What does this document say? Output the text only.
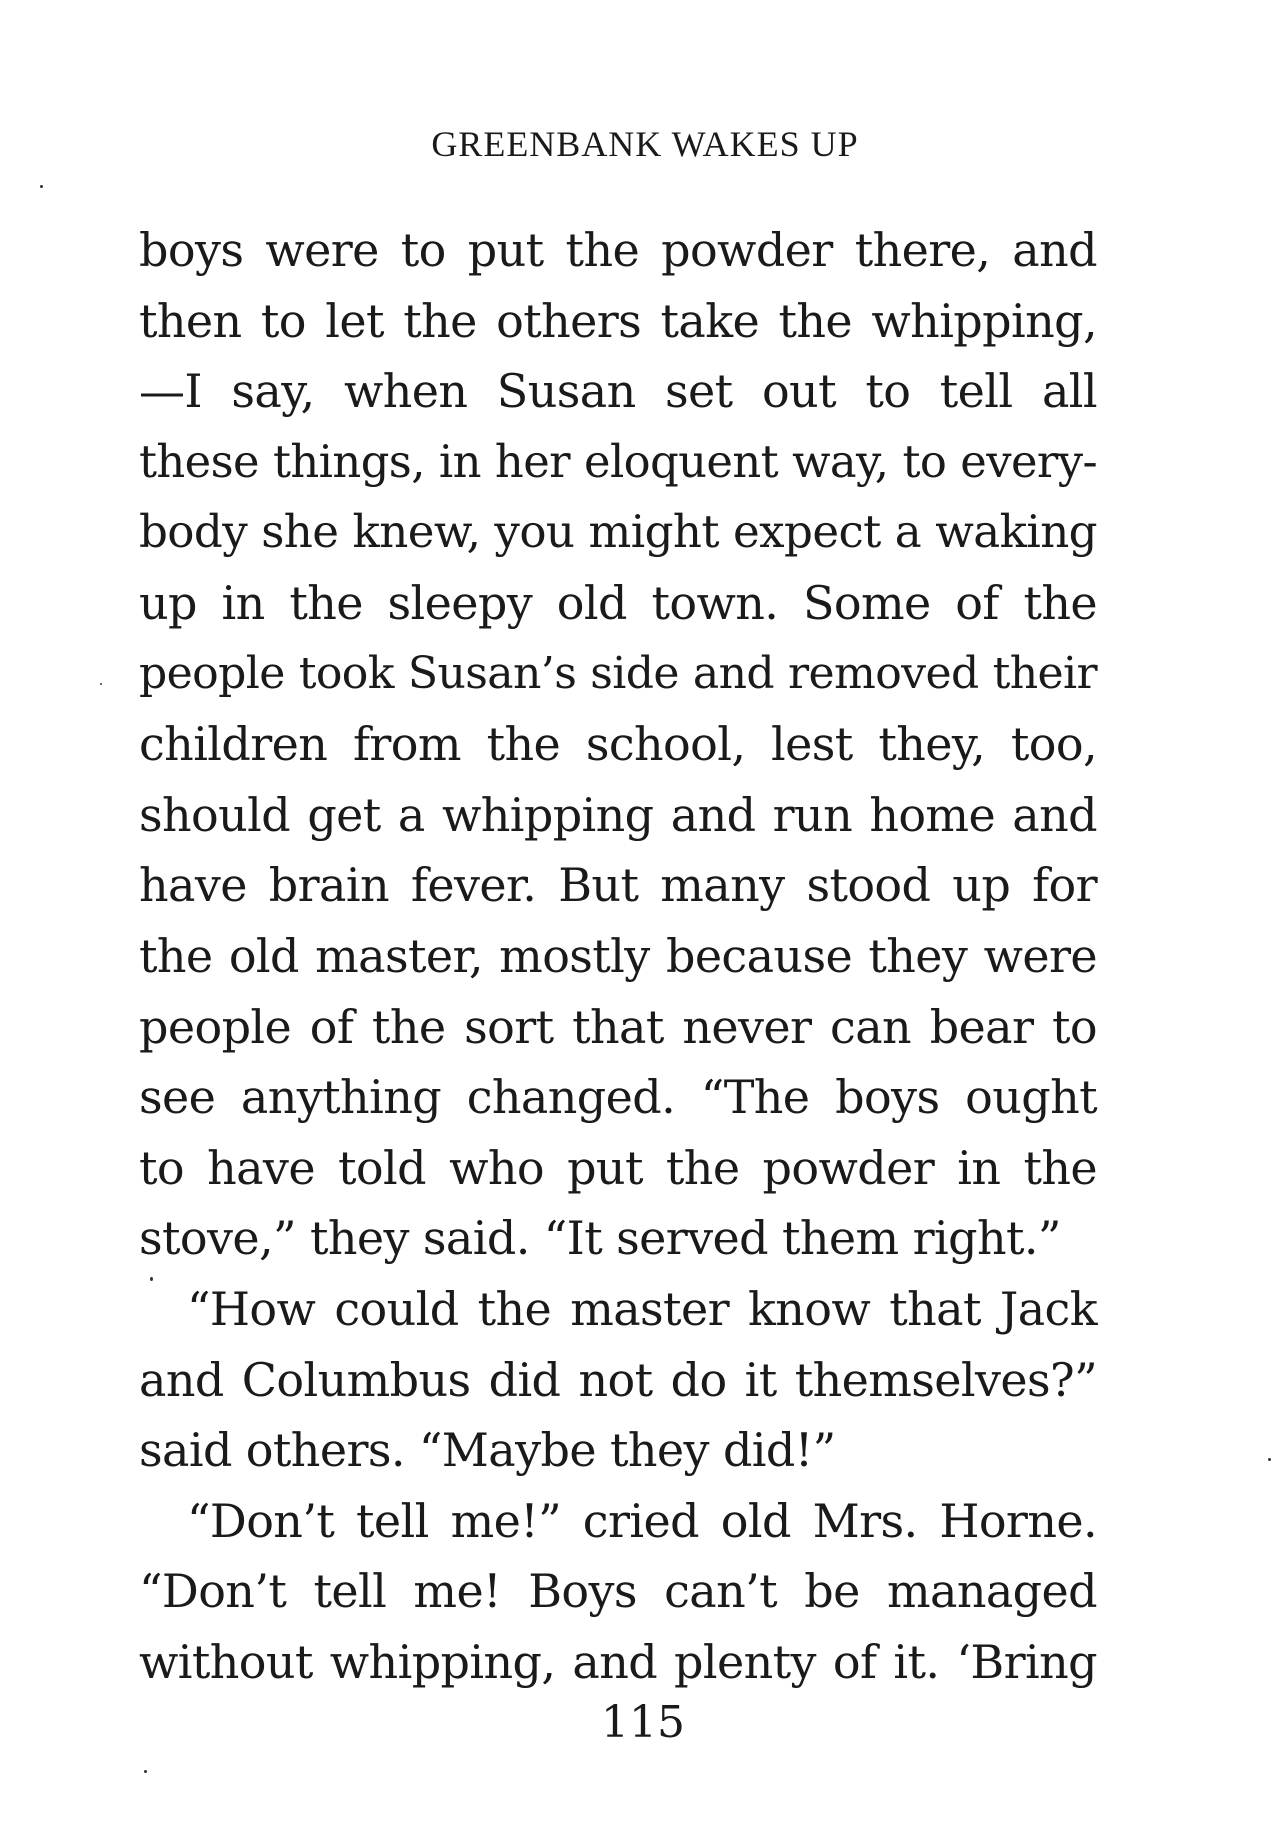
GREENBANK WAKES UP
boys were to put the powder there, and
then to let the others take the whipping,
—I say, when Susan set out to tell all
these things, in her eloquent way, to every-
body she knew, you might expect a waking
up in the sleepy old town. Some of the
people took Susan’s side and removed their
children from the school, lest they, too,
should get a whipping and run home and
have brain fever. But many stood up for
the old master, mostly because they were
people of the sort that never can bear to
see anything changed. “The boys ought
to have told who put the powder in the
stove,” they said. “It served them right.”
“How could the master know that Jack
and Columbus did not do it themselves?”
said others. “Maybe they did!”
“Don’t tell me!” cried old Mrs. Horne.
“Don’t tell me! Boys can’t be managed
without whipping, and plenty of it. ‘Bring
115
